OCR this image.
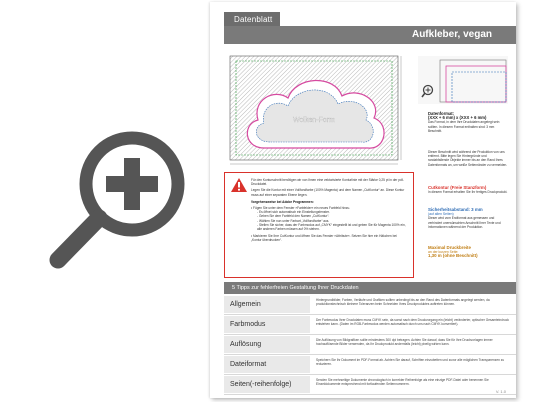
Datenblatt
Aufkleber, vegan
Wolken-Form
Datenformat:
(XXX + 6 mm) x (XXX + 6 mm)
Das Format, in dem Ihre Druckdaten angelegt sein sollten. In diesem Format enthalten sind: 3 mm Beschnitt.
Dieser Beschnitt wird während der Produktion von uns entfernt. Bitte legen Sie Hintergründe und randabfallende Objekte immer bis an den Rand Ihres Datenformats an, um weiße Seitenränder zu vermeiden.
Cutkontur (Freie Stanzform)
In diesem Format erhalten Sie Ihr fertiges Druckprodukt.
Sicherheitsabstand: 3 mm
(auf allen Seiten)
Dieser wird vom Endformat aus gemessen und verhindert unerwünschten Anschnitt Ihrer Texte und Informationen während der Produktion.
Maximal Druckbreite
an der kurzen Seite:
1,30 m (ohne Beschnitt)
Für den Konturschnitt benötigen wir von Ihnen eine vektorisierte Konturlinie mit der Stärke 0,25 pt in der pdf-Druckdatei.
Legen Sie die Kontur mit einer Vollfondfarbe (100% Magenta) und dem Namen „CutKontur“ an. Diese Kontur muss auf einer separaten Ebene liegen.
Vorgehensweise bei Adobe Programmen:
• Fügen Sie unter dem Fenster »Farbfelder« ein neues Farbfeld hinzu.
- Es öffnet sich automatisch ein Einstellungsfenster.
- Geben Sie dem Farbfeld den Namen „CutKontur“.
- Wählen Sie nun unter Farbart „Vollfondfarbe“ aus.
- Stellen Sie sicher, dass der Farbmodus auf „CMYK“ eingestellt ist und geben Sie für Magenta 100% ein, alle anderen Farben müssen auf 0% stehen.
• Markieren Sie Ihre CutKontur und öffnen Sie das Fenster »Attribute«. Setzen Sie hier ein Häkchen bei „Kontur überdrucken“.
5 Tipps zur fehlerfreien Gestaltung Ihrer Druckdaten
Allgemein
Hintergrundbilder, Farben, Verläufe und Grafiken sollten unbedingt bis an den Rand des Datenformats angelegt werden, da produktionstechnisch kleinere Toleranzen beim Schneiden Ihres Druckproduktes auftreten können.
Farbmodus
Der Farbmodus Ihrer Druckdaten muss CMYK sein, da sonst nach dem Druckvorgang ein (leicht) veränderter, optischer Gesamteindruck entstehen kann. (Daten im RGB-Farbmodus werden automatisch durch uns nach CMYK konvertiert).
Auflösung
Die Auflösung von Bildgrafiken sollte mindestens 300 dpi betragen. Achten Sie darauf, dass Sie für Ihre Druckvorlagen immer hochauflösende Bilder verwenden, da Ihr Druckprodukt andernfalls (leicht) pixelig wirken kann.
Dateiformat
Speichern Sie Ihr Dokument im PDF-Format ab. Achten Sie darauf, Schriften einzubetten und zuvor alle möglichen Transparenzen zu reduzieren.
Seiten(-reihenfolge)
Senden Sie mehrseitige Dokumente chronologisch in korrekter Reihenfolge als eine einzige PDF-Datei oder benennen Sie Einzeldokumente entsprechend mit fortlaufenden Seitennummern.
V. 1.0
